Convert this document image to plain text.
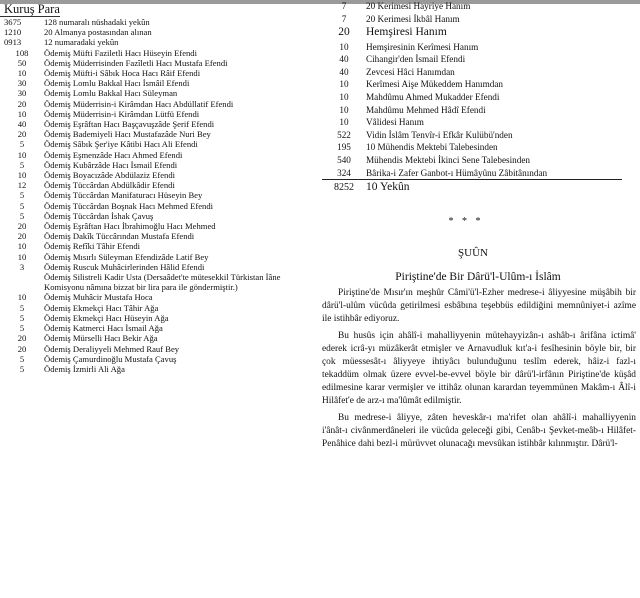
Kuruş Para
3675	128 numaralı nüshadaki yekûn
1210	20 Almanya postasından alınan
0913	12 numaradaki yekûn
108	Ödemiş Müfti Faziletli Hacı Hüseyin Efendi
50	Ödemiş Müderrisinden Fazîletli Hacı Mustafa Efendi
10	Ödemiş Müfti-i Sâbık Hoca Hacı Râif Efendi
30	Ödemiş Lomlu Bakkal Hacı İsmâil Efendi
30	Ödemiş Lomlu Bakkal Hacı Süleyman
20	Ödemiş Müderrisin-i Kirâmdan Hacı Abdüllatif Efendi
10	Ödemiş Müderrisin-i Kirâmdan Lütfü Efendi
40	Ödemiş Eşrâftan Hacı Başçavuşzâde Şerif Efendi
20	Ödemiş Bademiyeli Hacı Mustafazâde Nuri Bey
5	Ödemiş Sâbık Şer'iye Kâtibi Hacı Ali Efendi
10	Ödemiş Eşmenzâde Hacı Ahmed Efendi
5	Ödemiş Kubârzâde Hacı İsmail Efendi
10	Ödemiş Boyacızâde Abdülaziz Efendi
12	Ödemiş Tüccârdan Abdülkâdir Efendi
5	Ödemiş Tüccârdan Manifaturacı Hüseyin Bey
5	Ödemiş Tüccârdan Boşnak Hacı Mehmed Efendi
5	Ödemiş Tüccârdan İshak Çavuş
20	Ödemiş Eşrâftan Hacı İbrahimoğlu Hacı Mehmed
20	Ödemiş Dakîk Tüccârından Mustafa Efendi
10	Ödemiş Refîki Tâhir Efendi
10	Ödemiş Mısırlı Süleyman Efendizâde Latif Bey
3	Ödemiş Ruscuk Muhâcirlerinden Hâlid Efendi
Ödemiş Silistreli Kadir Usta (Dersaâdet'te mütesekkil Türkistan İâne Komisyonu nâmına bizzat bir lira para ile göndermiştir.)
10	Ödemiş Muhâcir Mustafa Hoca
5	Ödemiş Ekmekçi Hacı Tâhir Ağa
5	Ödemiş Ekmekçi Hacı Hüseyin Ağa
5	Ödemiş Katmerci Hacı İsmail Ağa
20	Ödemiş Mürselli Hacı Bekir Ağa
20	Ödemiş Deraliyyeli Mehmed Rauf Bey
5	Ödemiş Çamurdinoğlu Mustafa Çavuş
5	Ödemiş İzmirli Ali Ağa
7	20 Kerimesi Hayriye Hanım
7	20 Kerimesi İkbâl Hanım
20	Hemşiresi Hanım
10	Hemşiresinin Kerîmesi Hanım
40	Cihangir'den İsmail Efendi
40	Zevcesi Hâci Hanımdan
10	Kerîmesi Aişe Mükeddem Hanımdan
10	Mahdûmu Ahmed Mukadder Efendi
10	Mahdûmu Mehmed Hâdî Efendi
10	Vâlidesi Hanım
522	Vidin İslâm Tenvîr-i Efkâr Kulübü'nden
195	10 Mühendis Mektebi Talebesinden
540	Mühendis Mektebi İkinci Sene Talebesinden
324	Bârika-i Zafer Ganbot-ı Hümâyûnu Zâbitânından
8252	10 Yekûn
* * *
ŞUÛN
Piriştine'de Bir Dârü'l-Ulûm-ı İslâm

Piriştine'de Mısır'ın meşhûr Câmi'ü'l-Ezher medrese-i âliyyesine müşâbih bir dârü'l-ulûm vücûda getirilmesi esbâbına teşebbüs edildiğini memnûniyet-i azîme ile istihbâr ediyoruz.

Bu husûs için ahâlî-i mahalliyyenin mütehayyizân-ı ashâb-ı ârifâna ictimâ' ederek icrâ-yı müzâkerât etmişler ve Arnavudluk kıt'a-i fesîhesinin böyle bir, bir çok müessesât-ı âliyyeye ihtiyâcı bulunduğunu teslîm ederek, hâiz-i fazl-ı tekaddüm olmak üzere evvel-be-evvel böyle bir dârü'l-irfânın Piriştine'de küşâd edilmesine karar vermişler ve ittihâz olunan karardan teyemmünen Makâm-ı Âlî-i Hilâfet'e de arz-ı ma'lûmât edilmiştir.

Bu medrese-i âliyye, zâten heveskâr-ı ma'rifet olan ahâlî-i mahalliyyenin i'ânât-ı civânmerdâneleri ile vücûda geleceği gibi, Cenâb-ı Şevket-meâb-ı Hilâfet-Penâhice dahi bezl-i mürüvvet olunacağı mevsûkan istihbâr kılınmıştır. Dârü'l-
